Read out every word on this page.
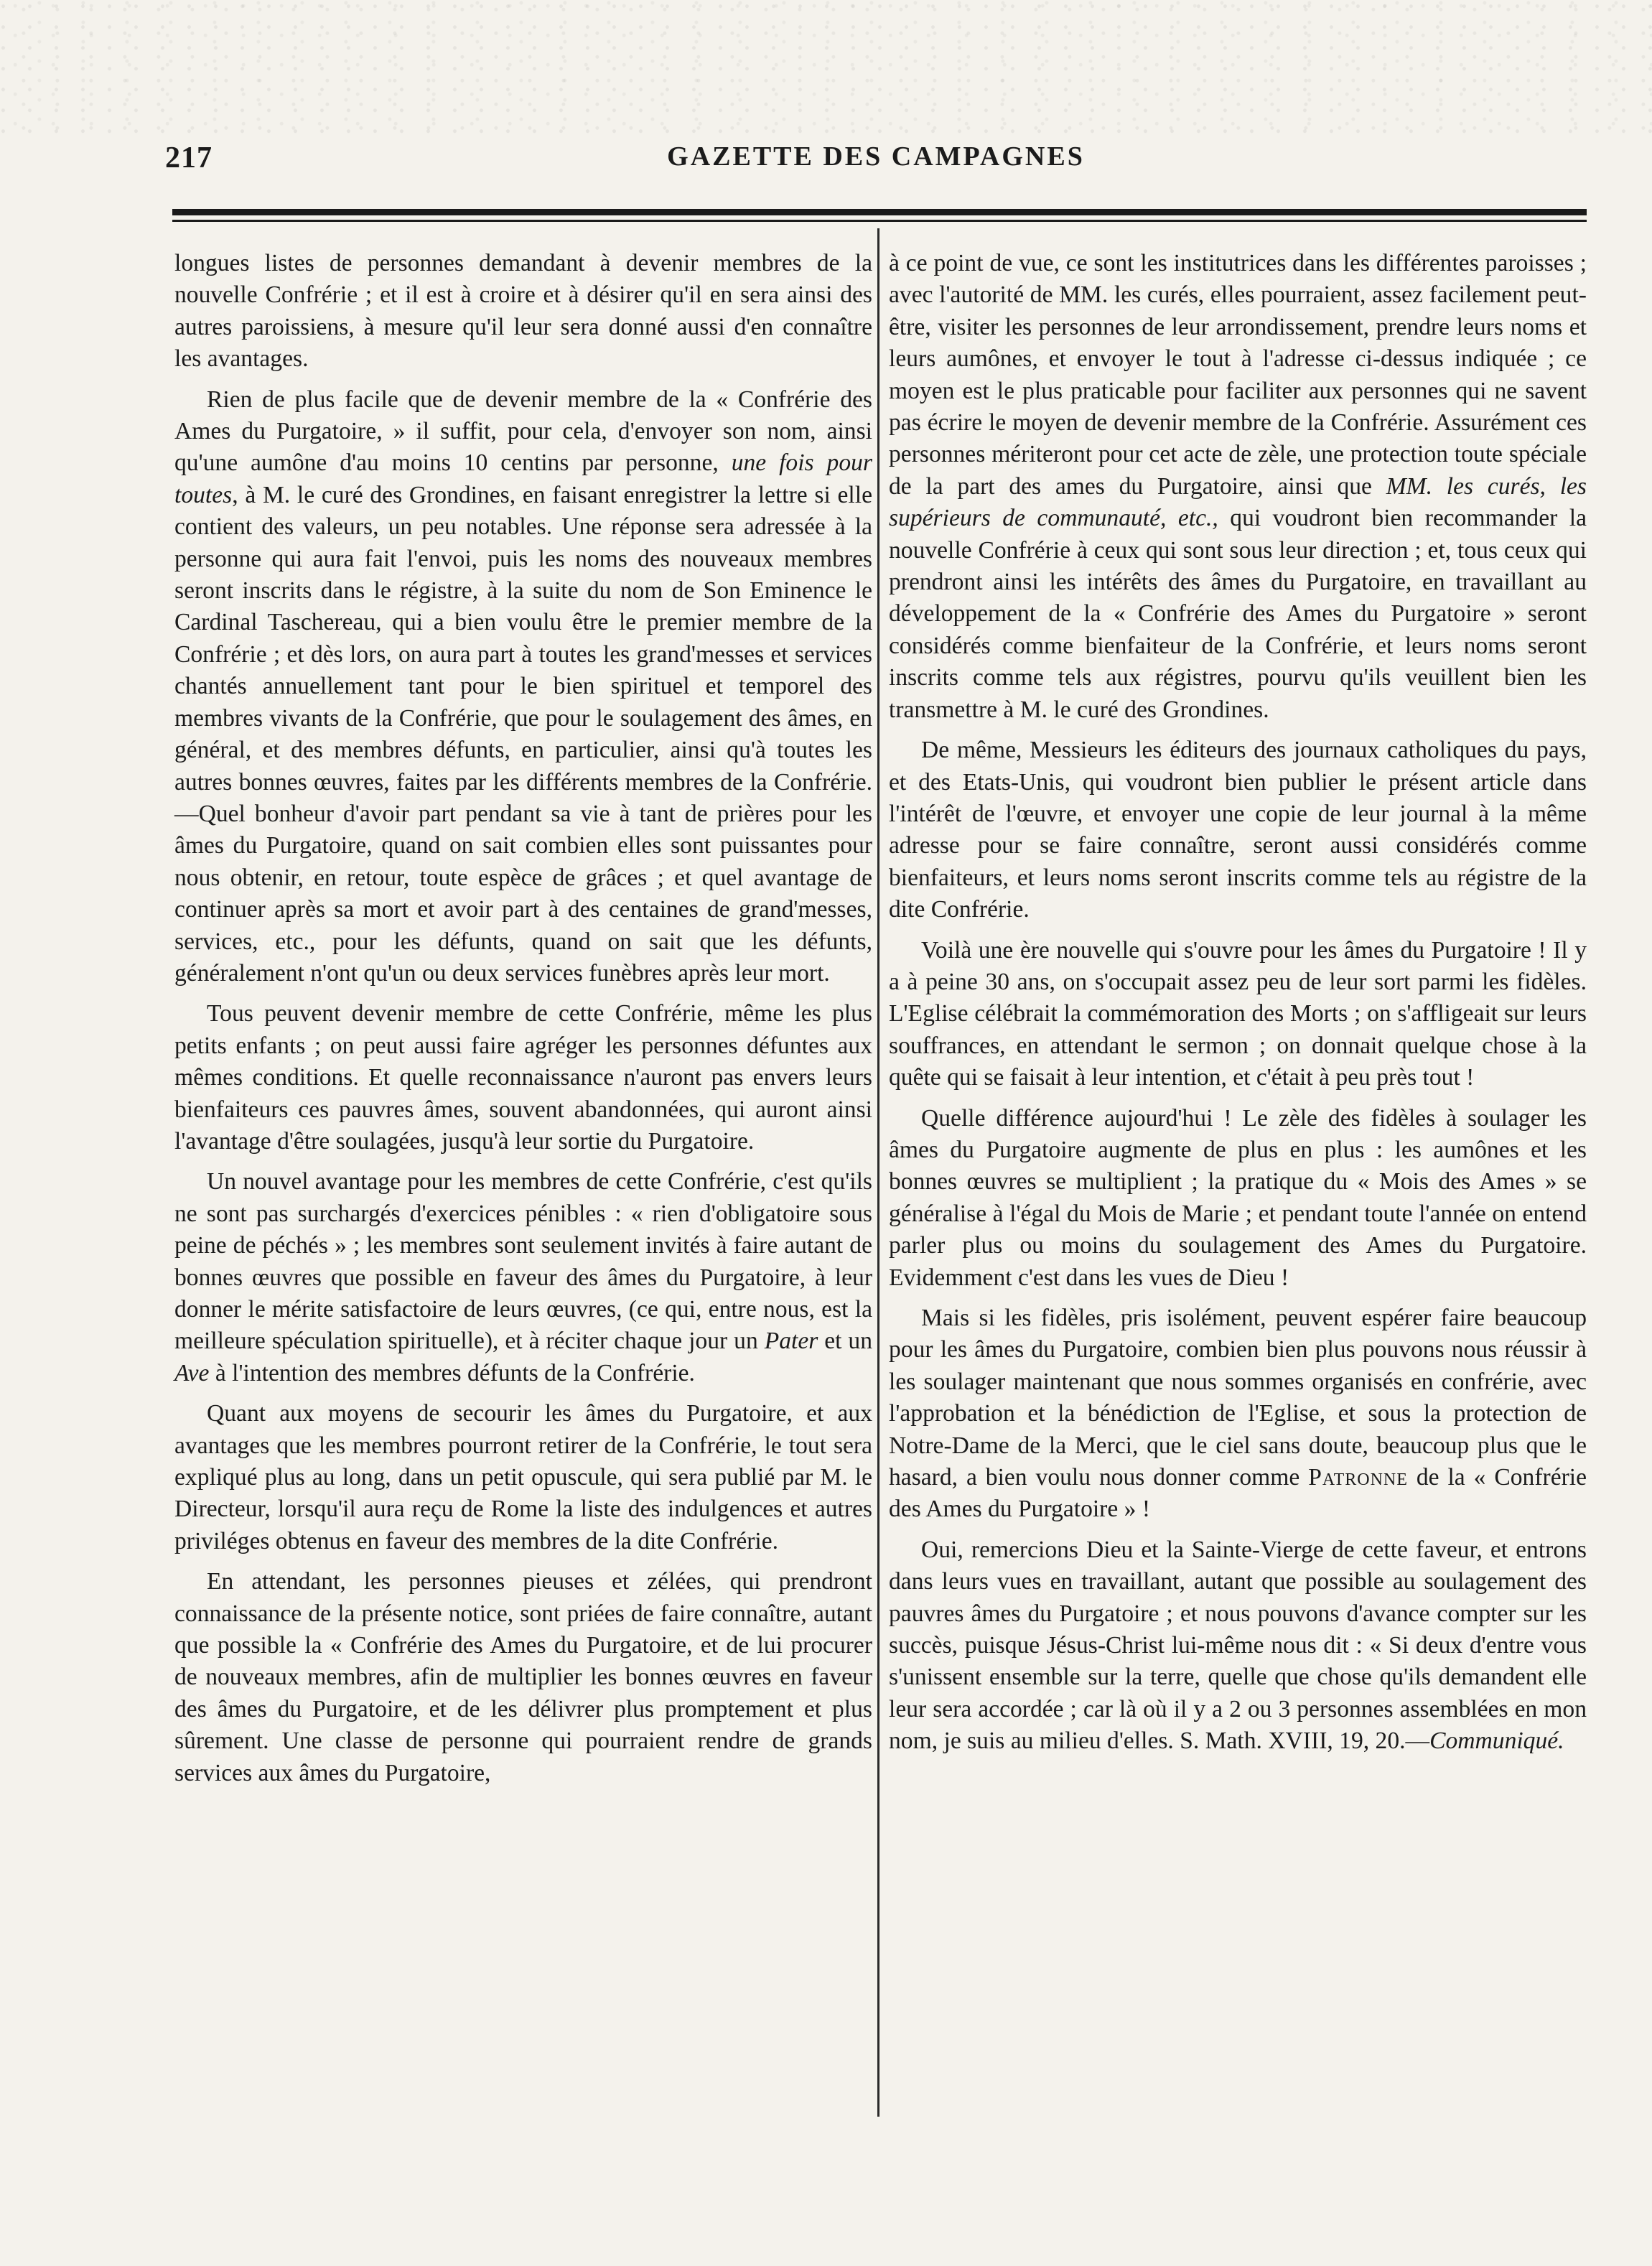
GAZETTE DES CAMPAGNES
217

longues listes de personnes demandant à devenir membres de la nouvelle Confrérie ; et il est à croire et à désirer qu'il en sera ainsi des autres paroissiens, à mesure qu'il leur sera donné aussi d'en connaître les avantages.

Rien de plus facile que de devenir membre de la « Confrérie des Ames du Purgatoire, » il suffit, pour cela, d'envoyer son nom, ainsi qu'une aumône d'au moins 10 centins par personne, une fois pour toutes, à M. le curé des Grondines, en faisant enregistrer la lettre si elle contient des valeurs, un peu notables. Une réponse sera adressée à la personne qui aura fait l'envoi, puis les noms des nouveaux membres seront inscrits dans le régistre, à la suite du nom de Son Eminence le Cardinal Taschereau, qui a bien voulu être le premier membre de la Confrérie ; et dès lors, on aura part à toutes les grand'messes et services chantés annuellement tant pour le bien spirituel et temporel des membres vivants de la Confrérie, que pour le soulagement des âmes, en général, et des membres défunts, en particulier, ainsi qu'à toutes les autres bonnes œuvres, faites par les différents membres de la Confrérie. —Quel bonheur d'avoir part pendant sa vie à tant de prières pour les âmes du Purgatoire, quand on sait combien elles sont puissantes pour nous obtenir, en retour, toute espèce de grâces ; et quel avantage de continuer après sa mort et avoir part à des centaines de grand'messes, services, etc., pour les défunts, quand on sait que les défunts, généralement n'ont qu'un ou deux services funèbres après leur mort.

Tous peuvent devenir membre de cette Confrérie, même les plus petits enfants ; on peut aussi faire agréger les personnes défuntes aux mêmes conditions. Et quelle reconnaissance n'auront pas envers leurs bienfaiteurs ces pauvres âmes, souvent abandonnées, qui auront ainsi l'avantage d'être soulagées, jusqu'à leur sortie du Purgatoire.

Un nouvel avantage pour les membres de cette Confrérie, c'est qu'ils ne sont pas surchargés d'exercices pénibles : « rien d'obligatoire sous peine de péchés » ; les membres sont seulement invités à faire autant de bonnes œuvres que possible en faveur des âmes du Purgatoire, à leur donner le mérite satisfactoire de leurs œuvres, (ce qui, entre nous, est la meilleure spéculation spirituelle), et à réciter chaque jour un Pater et un Ave à l'intention des membres défunts de la Confrérie.

Quant aux moyens de secourir les âmes du Purgatoire, et aux avantages que les membres pourront retirer de la Confrérie, le tout sera expliqué plus au long, dans un petit opuscule, qui sera publié par M. le Directeur, lorsqu'il aura reçu de Rome la liste des indulgences et autres priviléges obtenus en faveur des membres de la dite Confrérie.

En attendant, les personnes pieuses et zélées, qui prendront connaissance de la présente notice, sont priées de faire connaître, autant que possible la « Confrérie des Ames du Purgatoire, et de lui procurer de nouveaux membres, afin de multiplier les bonnes œuvres en faveur des âmes du Purgatoire, et de les délivrer plus promptement et plus sûrement. Une classe de personne qui pourraient rendre de grands services aux âmes du Purgatoire,

à ce point de vue, ce sont les institutrices dans les différentes paroisses ; avec l'autorité de MM. les curés, elles pourraient, assez facilement peut-être, visiter les personnes de leur arrondissement, prendre leurs noms et leurs aumônes, et envoyer le tout à l'adresse ci-dessus indiquée ; ce moyen est le plus praticable pour faciliter aux personnes qui ne savent pas écrire le moyen de devenir membre de la Confrérie. Assurément ces personnes mériteront pour cet acte de zèle, une protection toute spéciale de la part des ames du Purgatoire, ainsi que MM. les curés, les supérieurs de communauté, etc., qui voudront bien recommander la nouvelle Confrérie à ceux qui sont sous leur direction ; et, tous ceux qui prendront ainsi les intérêts des âmes du Purgatoire, en travaillant au développement de la « Confrérie des Ames du Purgatoire » seront considérés comme bienfaiteur de la Confrérie, et leurs noms seront inscrits comme tels aux régistres, pourvu qu'ils veuillent bien les transmettre à M. le curé des Grondines.

De même, Messieurs les éditeurs des journaux catholiques du pays, et des Etats-Unis, qui voudront bien publier le présent article dans l'intérêt de l'œuvre, et envoyer une copie de leur journal à la même adresse pour se faire connaître, seront aussi considérés comme bienfaiteurs, et leurs noms seront inscrits comme tels au régistre de la dite Confrérie.

Voilà une ère nouvelle qui s'ouvre pour les âmes du Purgatoire ! Il y a à peine 30 ans, on s'occupait assez peu de leur sort parmi les fidèles. L'Eglise célébrait la commémoration des Morts ; on s'affligeait sur leurs souffrances, en attendant le sermon ; on donnait quelque chose à la quête qui se faisait à leur intention, et c'était à peu près tout !

Quelle différence aujourd'hui ! Le zèle des fidèles à soulager les âmes du Purgatoire augmente de plus en plus : les aumônes et les bonnes œuvres se multiplient ; la pratique du « Mois des Ames » se généralise à l'égal du Mois de Marie ; et pendant toute l'année on entend parler plus ou moins du soulagement des Ames du Purgatoire. Evidemment c'est dans les vues de Dieu !

Mais si les fidèles, pris isolément, peuvent espérer faire beaucoup pour les âmes du Purgatoire, combien bien plus pouvons nous réussir à les soulager maintenant que nous sommes organisés en confrérie, avec l'approbation et la bénédiction de l'Eglise, et sous la protection de Notre-Dame de la Merci, que le ciel sans doute, beaucoup plus que le hasard, a bien voulu nous donner comme Patronne de la « Confrérie des Ames du Purgatoire » !

Oui, remercions Dieu et la Sainte-Vierge de cette faveur, et entrons dans leurs vues en travaillant, autant que possible au soulagement des pauvres âmes du Purgatoire ; et nous pouvons d'avance compter sur les succès, puisque Jésus-Christ lui-même nous dit : « Si deux d'entre vous s'unissent ensemble sur la terre, quelle que chose qu'ils demandent elle leur sera accordée ; car là où il y a 2 ou 3 personnes assemblées en mon nom, je suis au milieu d'elles. S. Math. XVIII, 19, 20.—Communiqué.
